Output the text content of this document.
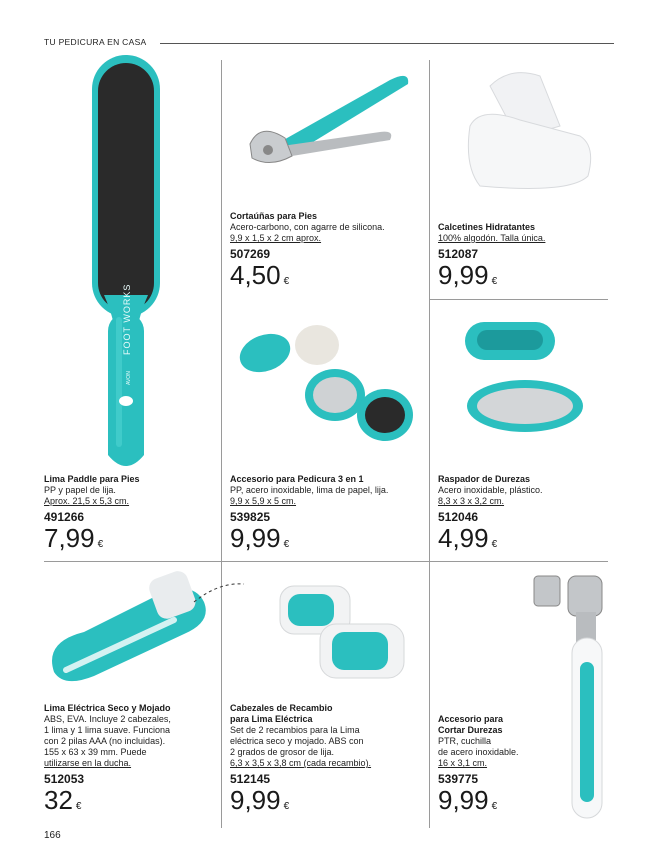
TU PEDICURA EN CASA
FOOT WORKS
AVON
Cortaúñas para Pies
Acero-carbono, con agarre de silicona.
9,9 x 1,5 x 2 cm aprox.
507269
4,50 €
Calcetines Hidratantes
100% algodón. Talla única.
512087
9,99 €
Lima Paddle para Pies
PP y papel de lija.
Aprox. 21,5 x 5,3 cm.
491266
7,99 €
Accesorio para Pedicura 3 en 1
PP, acero inoxidable, lima de papel, lija.
9,9 x 5,9 x 5 cm.
539825
9,99 €
Raspador de Durezas
Acero inoxidable, plástico.
8,3 x 3 x 3,2 cm.
512046
4,99 €
Lima Eléctrica Seco y Mojado
ABS, EVA. Incluye 2 cabezales,
1 lima y 1 lima suave. Funciona
con 2 pilas AAA (no incluidas).
155 x 63 x 39 mm. Puede
utilizarse en la ducha.
512053
32 €
Cabezales de Recambio
para Lima Eléctrica
Set de 2 recambios para la Lima
eléctrica seco y mojado. ABS con
2 grados de grosor de lija.
6,3 x 3,5 x 3,8 cm (cada recambio).
512145
9,99 €
Accesorio para
Cortar Durezas
PTR, cuchilla
de acero inoxidable.
16 x 3,1 cm.
539775
9,99 €
166
